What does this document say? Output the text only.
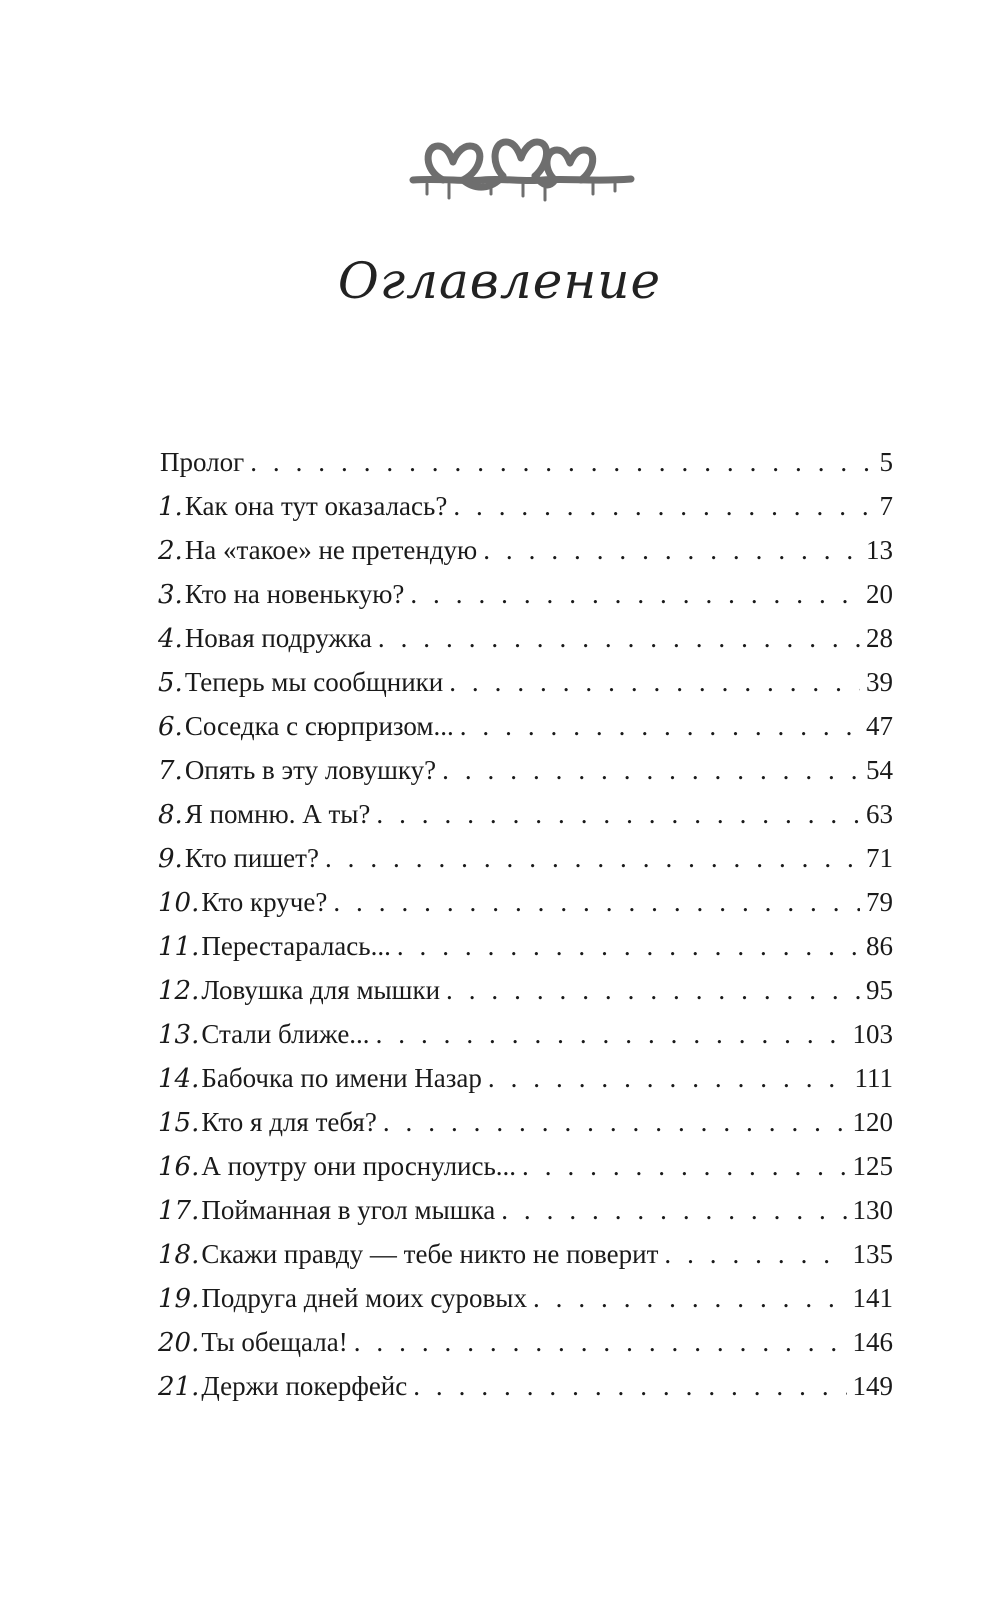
Оглавление
Пролог . . .	5
1. Как она тут оказалась? . . .	7
2. На «такое» не претендую . . .	13
3. Кто на новенькую? . . .	20
4. Новая подружка . . .	28
5. Теперь мы сообщники . . .	39
6. Соседка с сюрпризом... . . .	47
7. Опять в эту ловушку? . . .	54
8. Я помню. А ты? . . .	63
9. Кто пишет? . . .	71
10. Кто круче? . . .	79
11. Перестаралась... . . .	86
12. Ловушка для мышки . . .	95
13. Стали ближе... . . .	103
14. Бабочка по имени Назар . . .	111
15. Кто я для тебя? . . .	120
16. А поутру они проснулись... . . .	125
17. Пойманная в угол мышка . . .	130
18. Скажи правду — тебе никто не поверит . . .	135
19. Подруга дней моих суровых . . .	141
20. Ты обещала! . . .	146
21. Держи покерфейс . . .	149
